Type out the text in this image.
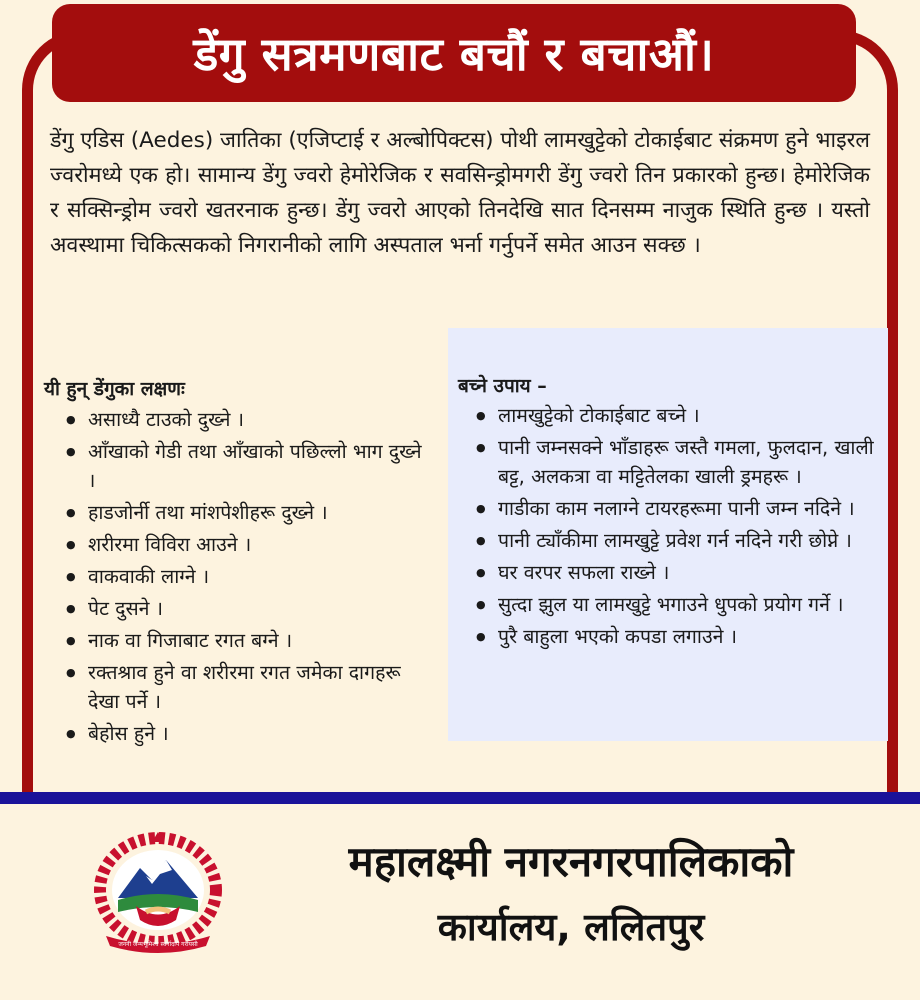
डेंगु सत्रमणबाट बचौं र बचाऔं।

डेंगु एडिस (Aedes) जातिका (एजिप्टाई र अल्बोपिक्टस) पोथी लामखुट्टेको टोकाईबाट संक्रमण हुने भाइरल ज्वरोमध्ये एक हो। सामान्य डेंगु ज्वरो हेमोरेजिक र सवसिन्ड्रोमगरी डेंगु ज्वरो तिन प्रकारको हुन्छ। हेमोरेजिक र सक्सिन्ड्रोम ज्वरो खतरनाक हुन्छ। डेंगु ज्वरो आएको तिनदेखि सात दिनसम्म नाजुक स्थिति हुन्छ । यस्तो अवस्थामा चिकित्सकको निगरानीको लागि अस्पताल भर्ना गर्नुपर्ने समेत आउन सक्छ ।

यी हुन् डेंगुका लक्षणः
● असाध्यै टाउको दुख्ने ।
● आँखाको गेडी तथा आँखाको पछिल्लो भाग दुख्ने ।
● हाडजोर्नी तथा मांशपेशीहरू दुख्ने ।
● शरीरमा विविरा आउने ।
● वाकवाकी लाग्ने ।
● पेट दुसने ।
● नाक वा गिजाबाट रगत बग्ने ।
● रक्तश्राव हुने वा शरीरमा रगत जमेका दागहरू देखा पर्ने ।
● बेहोस हुने ।
बच्ने उपाय –
● लामखुट्टेको टोकाईबाट बच्ने ।
● पानी जम्नसक्ने भाँडाहरू जस्तै गमला, फुलदान, खाली बट्ट, अलकत्रा वा मट्टितेलका खाली ड्रमहरू ।
● गाडीका काम नलाग्ने टायरहरूमा पानी जम्न नदिने ।
● पानी ट्याँकीमा लामखुट्टे प्रवेश गर्न नदिने गरी छोप्ने ।
● घर वरपर सफला राख्ने ।
● सुत्दा झुल या लामखुट्टे भगाउने धुपको प्रयोग गर्ने ।
● पुरै बाहुला भएको कपडा लगाउने ।
जननी जन्मभूमिश्च स्वर्गादपि गरीयसी

महालक्ष्मी नगरनगरपालिकाको

कार्यालय, ललितपुर
